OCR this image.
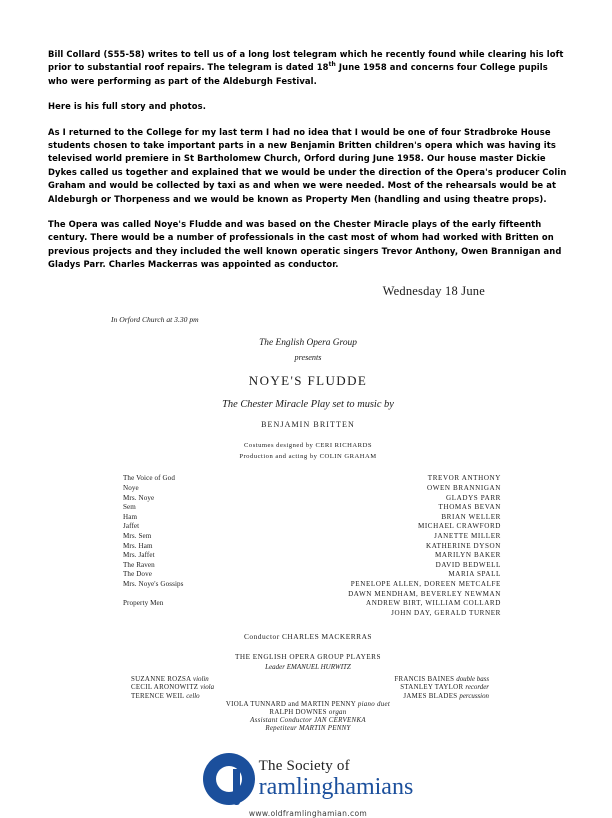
Bill Collard (S55-58) writes to tell us of a long lost telegram which he recently found while clearing his loft prior to substantial roof repairs. The telegram is dated 18th June 1958 and concerns four College pupils who were performing as part of the Aldeburgh Festival.

Here is his full story and photos.

As I returned to the College for my last term I had no idea that I would be one of four Stradbroke House students chosen to take important parts in a new Benjamin Britten children's opera which was having its televised world premiere in St Bartholomew Church, Orford during June 1958. Our house master Dickie Dykes called us together and explained that we would be under the direction of the Opera's producer Colin Graham and would be collected by taxi as and when we were needed. Most of the rehearsals would be at Aldeburgh or Thorpeness and we would be known as Property Men (handling and using theatre props).

The Opera was called Noye's Fludde and was based on the Chester Miracle plays of the early fifteenth century. There would be a number of professionals in the cast most of whom had worked with Britten on previous projects and they included the well known operatic singers Trevor Anthony, Owen Brannigan and Gladys Parr. Charles Mackerras was appointed as conductor.

Wednesday 18 June
In Orford Church at 3.30 pm
The English Opera Group
presents
NOYE'S FLUDDE
The Chester Miracle Play set to music by
BENJAMIN BRITTEN
Costumes designed by CERI RICHARDS
Production and acting by COLIN GRAHAM
The Voice of God	TREVOR ANTHONY
Noye	OWEN BRANNIGAN
Mrs. Noye	GLADYS PARR
Sem	THOMAS BEVAN
Ham	BRIAN WELLER
Jaffet	MICHAEL CRAWFORD
Mrs. Sem	JANETTE MILLER
Mrs. Ham	KATHERINE DYSON
Mrs. Jaffet	MARILYN BAKER
The Raven	DAVID BEDWELL
The Dove	MARIA SPALL
Mrs. Noye's Gossips	PENELOPE ALLEN, DOREEN METCALFE
	DAWN MENDHAM, BEVERLEY NEWMAN
Property Men	ANDREW BIRT, WILLIAM COLLARD
	JOHN DAY, GERALD TURNER
Conductor CHARLES MACKERRAS
THE ENGLISH OPERA GROUP PLAYERS
Leader EMANUEL HURWITZ
SUZANNE ROZSA violin	FRANCIS BAINES double bass
CECIL ARONOWITZ viola	STANLEY TAYLOR recorder
TERENCE WEIL cello	JAMES BLADES percussion
VIOLA TUNNARD and MARTIN PENNY piano duet
RALPH DOWNES organ
Assistant Conductor JAN CERVENKA
Repetiteur MARTIN PENNY
The Society of
ramlinghamians
www.oldframlinghamian.com
